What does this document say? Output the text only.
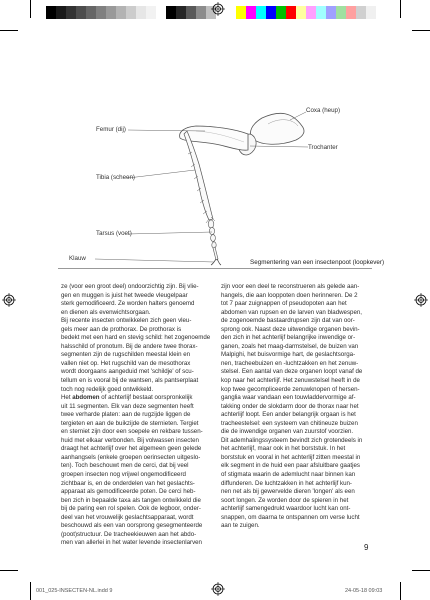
Coxa (heup)
Trochanter
Femur (dij)
Tibia (scheen)
Tarsus (voet)
Klauw
Segmentering van een insectenpoot (loopkever)

ze (voor een groot deel) ondoorzichtig zijn. Bij vlie-

gen en muggen is juist het tweede vleugelpaar

sterk gemodificeerd. Ze worden halters genoemd

en dienen als evenwichtsorgaan.

Bij recente insecten ontwikkelen zich geen vleu-

gels meer aan de prothorax. De prothorax is

bedekt met een hard en stevig schild: het zogenoemde

halsschild of pronotum. Bij de andere twee thorax-

segmenten zijn de rugschilden meestal klein en

vallen niet op. Het rugschild van de mesothorax

wordt doorgaans aangeduid met 'schildje' of scu-

tellum en is vooral bij de wantsen, als pantserplaat

toch nog redelijk goed ontwikkeld.

Het abdomen of achterlijf bestaat oorspronkelijk

uit 11 segmenten. Elk van deze segmenten heeft

twee verharde platen: aan de rugzijde liggen de

tergieten en aan de buikzijde de sternieten. Tergiet

en sterniet zijn door een soepele en rekbare tussen-

huid met elkaar verbonden. Bij volwassen insecten

draagt het achterlijf over het algemeen geen gelede

aanhangsels (enkele groepen oerinsecten uitgeslo-

ten). Toch beschouwt men de cerci, dat bij veel

groepen insecten nog vrijwel ongemodificeerd

zichtbaar is, en de onderdelen van het geslachts-

apparaat als gemodificeerde poten. De cerci heb-

ben zich in bepaalde taxa als tangen ontwikkeld die

bij de paring een rol spelen. Ook de legboor, onder-

deel van het vrouwelijk geslachtsapparaat, wordt

beschouwd als een van oorsprong gesegmenteerde

(poot)structuur. De tracheekieuwen aan het abdo-

men van allerlei in het water levende insectenlarven

zijn voor een deel te reconstrueren als gelede aan-

hangels, die aan looppoten doen herinneren. De 2

tot 7 paar zuignappen of pseudopoten aan het

abdomen van rupsen en de larven van bladwespen,

de zogenoemde bastaardrupsen zijn dat van oor-

sprong ook. Naast deze uitwendige organen bevin-

den zich in het achterlijf belangrijke inwendige or-

ganen, zoals het maag-darmstelsel, de buizen van

Malpighi, het buisvormige hart, de geslachtsorga-

nen, tracheebuizen en -luchtzakken en het zenuw-

stelsel. Een aantal van deze organen loopt vanaf de

kop naar het achterlijf. Het zenuwstelsel heeft in de

kop twee gecompliceerde zenuwknopen of hersen-

ganglia waar vandaan een touwladdervormige af-

takking onder de slokdarm door de thorax naar het

achterlijf loopt. Een ander belangrijk orgaan is het

tracheestelsel: een systeem van chitineuze buizen

die de inwendige organen van zuurstof voorzien.

Dit ademhalingssysteem bevindt zich grotendeels in

het achterlijf, maar ook in het borststuk. In het

borststuk en vooral in het achterlijf zitten meestal in

elk segment in de huid een paar afsluitbare gaatjes

of stigmata waarin de ademlucht naar binnen kan

diffunderen. De luchtzakken in het achterlijf kun-

nen net als bij gewervelde dieren 'longen' als een

soort longen. Ze worden door de spieren in het

achterlijf samengedrukt waardoor lucht kan ont-

snappen, om daarna te ontspannen om verse lucht

aan te zuigen.

9
001_025-INSECTEN-NL.indd 9	24-05-18 09:03
